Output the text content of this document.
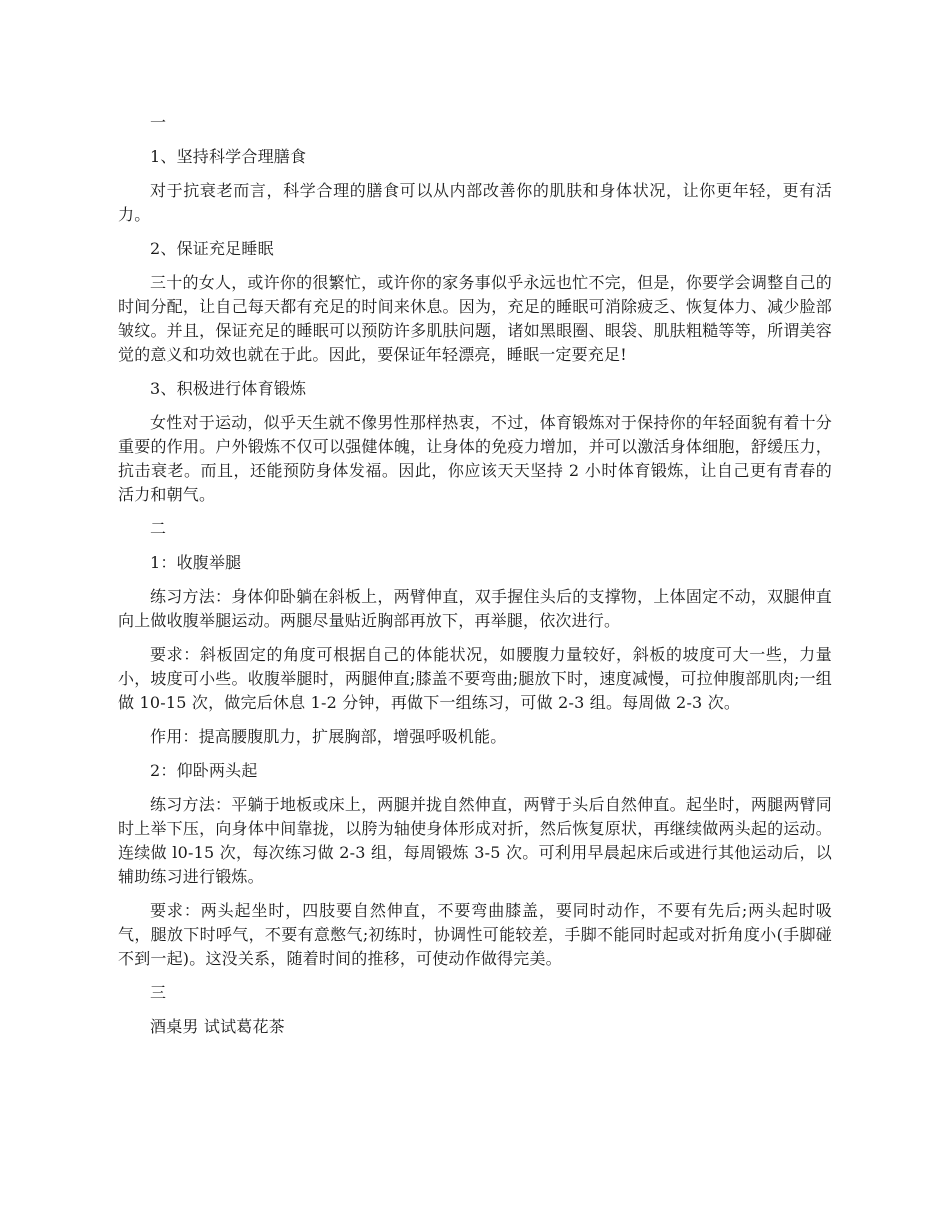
一

1、坚持科学合理膳食

对于抗衰老而言，科学合理的膳食可以从内部改善你的肌肤和身体状况，让你更年轻，更有活力。

2、保证充足睡眠

三十的女人，或许你的很繁忙，或许你的家务事似乎永远也忙不完，但是，你要学会调整自己的时间分配，让自己每天都有充足的时间来休息。因为，充足的睡眠可消除疲乏、恢复体力、减少脸部皱纹。并且，保证充足的睡眠可以预防许多肌肤问题，诸如黑眼圈、眼袋、肌肤粗糙等等，所谓美容觉的意义和功效也就在于此。因此，要保证年轻漂亮，睡眠一定要充足!

3、积极进行体育锻炼

女性对于运动，似乎天生就不像男性那样热衷，不过，体育锻炼对于保持你的年轻面貌有着十分重要的作用。户外锻炼不仅可以强健体魄，让身体的免疫力增加，并可以激活身体细胞，舒缓压力，抗击衰老。而且，还能预防身体发福。因此，你应该天天坚持 2 小时体育锻炼，让自己更有青春的活力和朝气。

二

1：收腹举腿

练习方法：身体仰卧躺在斜板上，两臂伸直，双手握住头后的支撑物，上体固定不动，双腿伸直向上做收腹举腿运动。两腿尽量贴近胸部再放下，再举腿，依次进行。

要求：斜板固定的角度可根据自己的体能状况，如腰腹力量较好，斜板的坡度可大一些，力量小，坡度可小些。收腹举腿时，两腿伸直;膝盖不要弯曲;腿放下时，速度减慢，可拉伸腹部肌肉;一组做 10-15 次，做完后休息 1-2 分钟，再做下一组练习，可做 2-3 组。每周做 2-3 次。

作用：提高腰腹肌力，扩展胸部，增强呼吸机能。

2：仰卧两头起

练习方法：平躺于地板或床上，两腿并拢自然伸直，两臂于头后自然伸直。起坐时，两腿两臂同时上举下压，向身体中间靠拢，以胯为轴使身体形成对折，然后恢复原状，再继续做两头起的运动。连续做 l0-15 次，每次练习做 2-3 组，每周锻炼 3-5 次。可利用早晨起床后或进行其他运动后，以辅助练习进行锻炼。

要求：两头起坐时，四肢要自然伸直，不要弯曲膝盖，要同时动作，不要有先后;两头起时吸气，腿放下时呼气，不要有意憋气;初练时，协调性可能较差，手脚不能同时起或对折角度小(手脚碰不到一起)。这没关系，随着时间的推移，可使动作做得完美。

三

酒桌男 试试葛花茶
